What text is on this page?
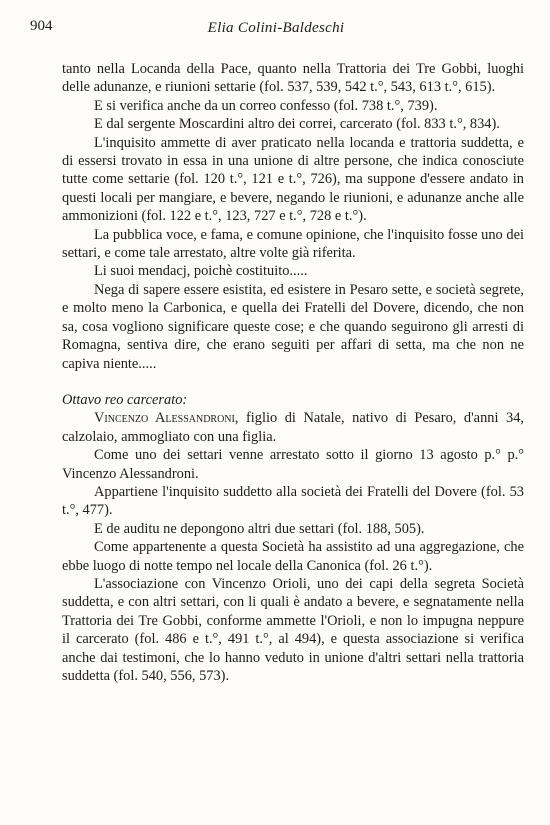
904	Elia Colini-Baldeschi

tanto nella Locanda della Pace, quanto nella Trattoria dei Tre Gobbi, luoghi delle adunanze, e riunioni settarie (fol. 537, 539, 542 t.°, 543, 613 t.°, 615).

E si verifica anche da un correo confesso (fol. 738 t.°, 739).

E dal sergente Moscardini altro dei correi, carcerato (fol. 833 t.°, 834).

L'inquisito ammette di aver praticato nella locanda e trattoria suddetta, e di essersi trovato in essa in una unione di altre persone, che indica conosciute tutte come settarie (fol. 120 t.°, 121 e t.°, 726), ma suppone d'essere andato in questi locali per mangiare, e bevere, negando le riunioni, e adunanze anche alle ammonizioni (fol. 122 e t.°, 123, 727 e t.°, 728 e t.°).

La pubblica voce, e fama, e comune opinione, che l'inquisito fosse uno dei settari, e come tale arrestato, altre volte già riferita.

Li suoi mendacj, poichè costituito.....

Nega di sapere essere esistita, ed esistere in Pesaro sette, e società segrete, e molto meno la Carbonica, e quella dei Fratelli del Dovere, dicendo, che non sa, cosa vogliono significare queste cose; e che quando seguirono gli arresti di Romagna, sentiva dire, che erano seguiti per affari di setta, ma che non ne capiva niente.....

Ottavo reo carcerato:

Vincenzo Alessandroni, figlio di Natale, nativo di Pesaro, d'anni 34, calzolaio, ammogliato con una figlia.

Come uno dei settari venne arrestato sotto il giorno 13 agosto p.° p.° Vincenzo Alessandroni.

Appartiene l'inquisito suddetto alla società dei Fratelli del Dovere (fol. 53 t.°, 477).

E de auditu ne depongono altri due settari (fol. 188, 505).

Come appartenente a questa Società ha assistito ad una aggregazione, che ebbe luogo di notte tempo nel locale della Canonica (fol. 26 t.°).

L'associazione con Vincenzo Orioli, uno dei capi della segreta Società suddetta, e con altri settari, con li quali è andato a bevere, e segnatamente nella Trattoria dei Tre Gobbi, conforme ammette l'Orioli, e non lo impugna neppure il carcerato (fol. 486 e t.°, 491 t.°, al 494), e questa associazione si verifica anche dai testimoni, che lo hanno veduto in unione d'altri settari nella trattoria suddetta (fol. 540, 556, 573).
